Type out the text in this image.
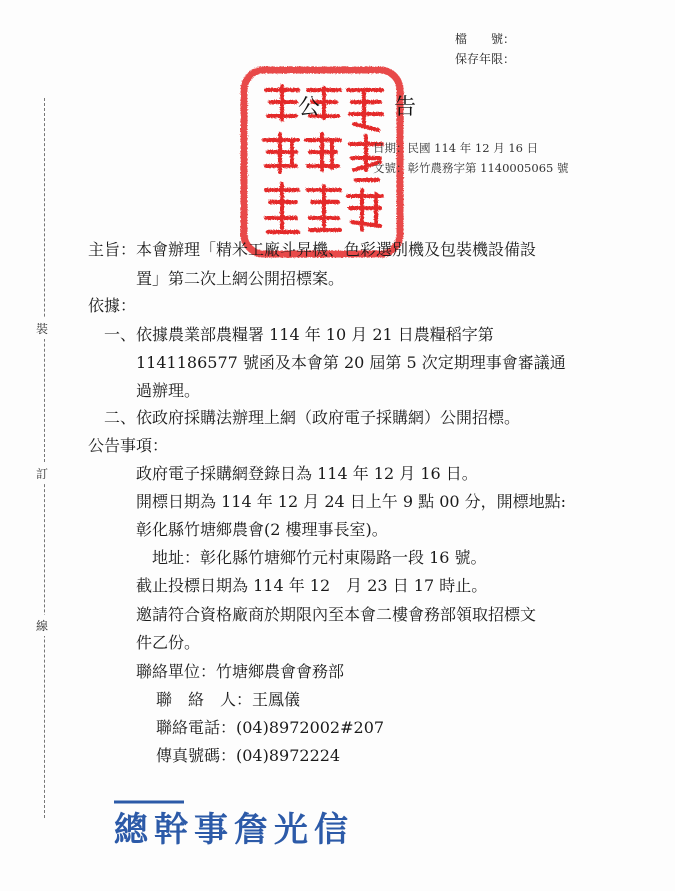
檔　　號：
保存年限：
裝
訂
線
公　告
日期：民國 114 年 12 月 16 日
文號：彰竹農務字第 1140005065 號
主旨： 本會辦理「精米工廠斗昇機、色彩選別機及包裝機設備設
置」第二次上網公開招標案。
依據：
一、依據農業部農糧署 114 年 10 月 21 日農糧稻字第
1141186577 號函及本會第 20 屆第 5 次定期理事會審議通
過辦理。
二、依政府採購法辦理上網（政府電子採購網）公開招標。
公告事項：
政府電子採購網登錄日為 114 年 12 月 16 日。
開標日期為 114 年 12 月 24 日上午 9 點 00 分，開標地點:
彰化縣竹塘鄉農會(2 樓理事長室)。
地址：彰化縣竹塘鄉竹元村東陽路一段 16 號。
截止投標日期為 114 年 12　月 23 日 17 時止。
邀請符合資格廠商於期限內至本會二樓會務部領取招標文
件乙份。
聯絡單位：竹塘鄉農會會務部
聯　絡　人：王鳳儀
聯絡電話：(04)8972002#207
傳真號碼：(04)8972224
總幹事詹光信
